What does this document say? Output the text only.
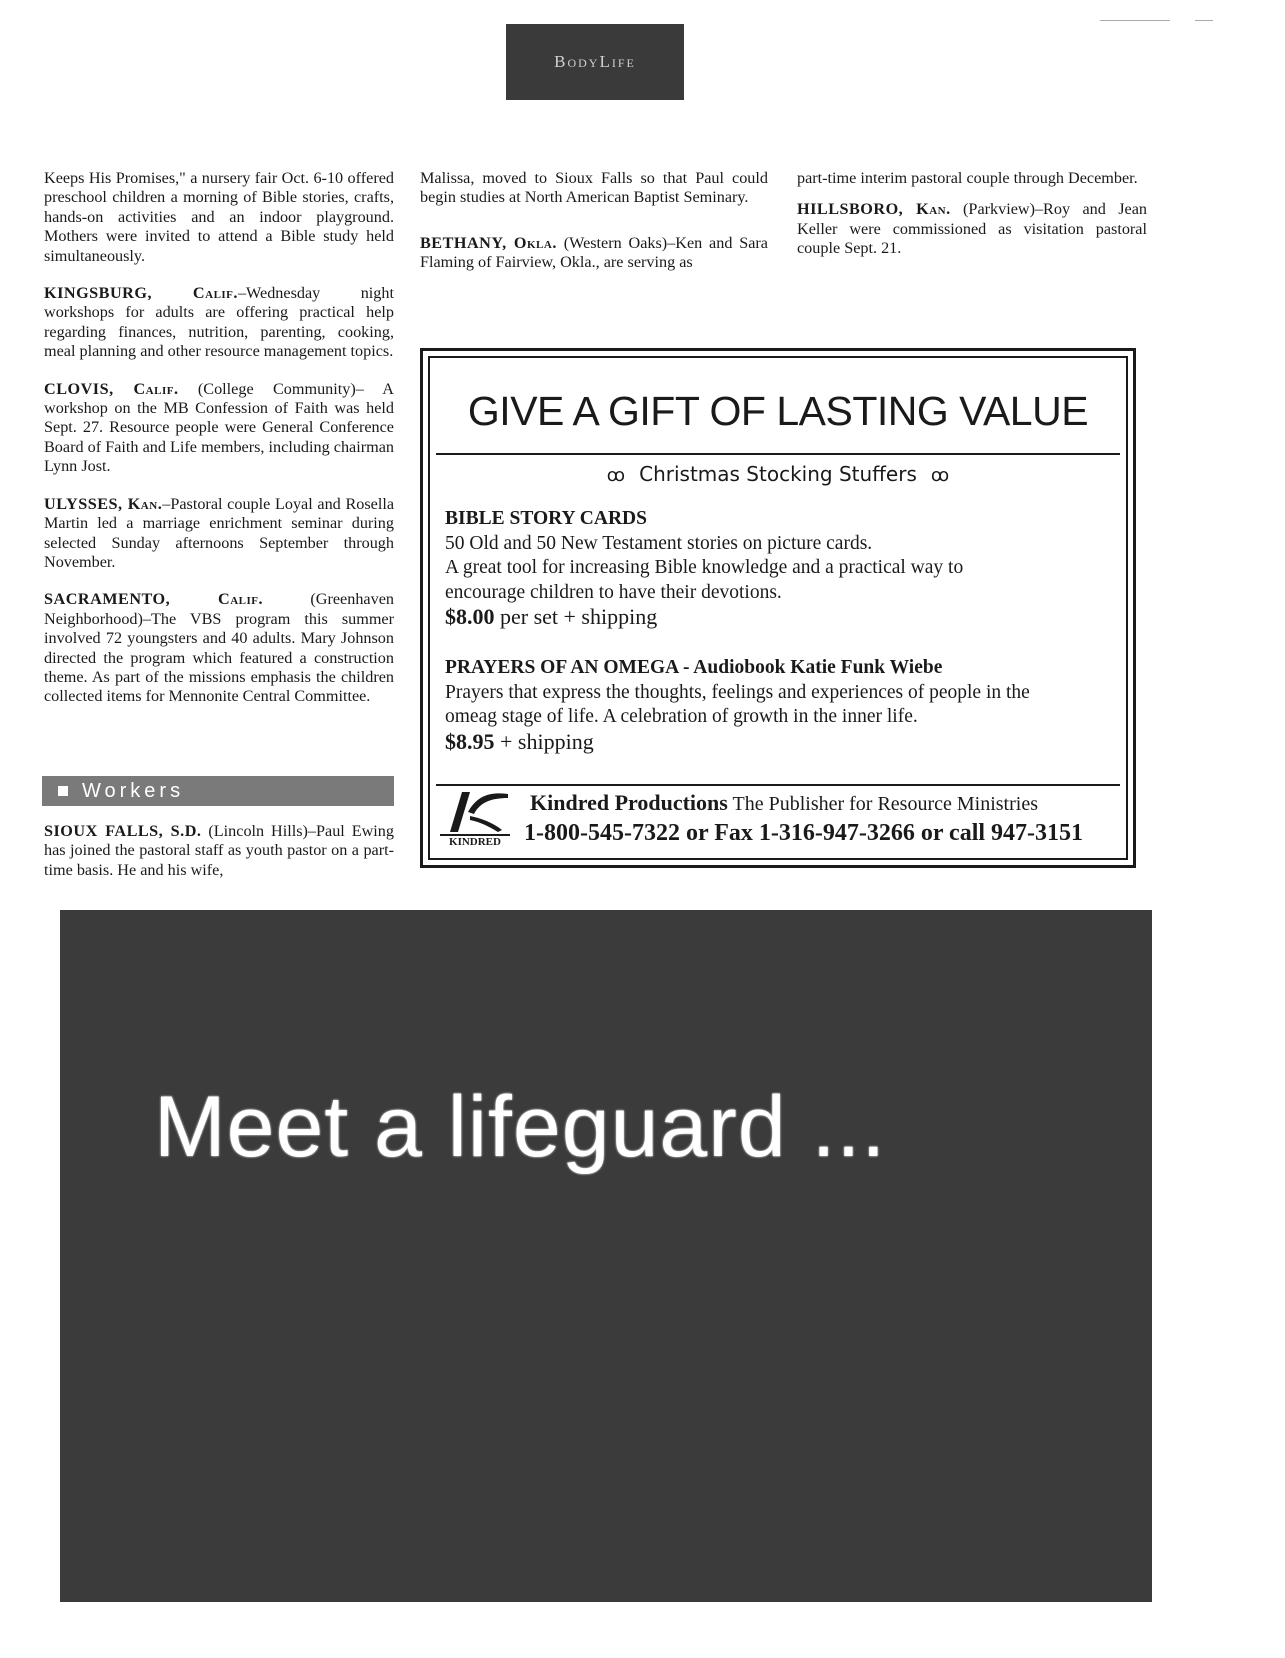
BodyLife

Keeps His Promises," a nursery fair Oct. 6-10 offered preschool children a morning of Bible stories, crafts, hands-on activities and an indoor playground. Mothers were invited to attend a Bible study held simultaneously.

KINGSBURG, Calif.–Wednesday night workshops for adults are offering practical help regarding finances, nutrition, parenting, cooking, meal planning and other resource management topics.

CLOVIS, Calif. (College Community)– A workshop on the MB Confession of Faith was held Sept. 27. Resource people were General Conference Board of Faith and Life members, including chairman Lynn Jost.

ULYSSES, Kan.–Pastoral couple Loyal and Rosella Martin led a marriage enrichment seminar during selected Sunday afternoons September through November.

SACRAMENTO, Calif. (Greenhaven Neighborhood)–The VBS program this summer involved 72 youngsters and 40 adults. Mary Johnson directed the program which featured a construction theme. As part of the missions emphasis the children collected items for Mennonite Central Committee.

Workers

SIOUX FALLS, S.D. (Lincoln Hills)–Paul Ewing has joined the pastoral staff as youth pastor on a part-time basis. He and his wife,

Malissa, moved to Sioux Falls so that Paul could begin studies at North American Baptist Seminary.

BETHANY, Okla. (Western Oaks)–Ken and Sara Flaming of Fairview, Okla., are serving as

part-time interim pastoral couple through December.

HILLSBORO, Kan. (Parkview)–Roy and Jean Keller were commissioned as visitation pastoral couple Sept. 21.

GIVE A GIFT OF LASTING VALUE
ꝏ Christmas Stocking Stuffers ꝏ
BIBLE STORY CARDS
50 Old and 50 New Testament stories on picture cards.
A great tool for increasing Bible knowledge and a practical way to
encourage children to have their devotions.
$8.00 per set + shipping
PRAYERS OF AN OMEGA - Audiobook Katie Funk Wiebe
Prayers that express the thoughts, feelings and experiences of people in the
omeag stage of life. A celebration of growth in the inner life.
$8.95 + shipping
KINDRED
Kindred Productions The Publisher for Resource Ministries
1-800-545-7322 or Fax 1-316-947-3266 or call 947-3151
Meet a lifeguard ...
